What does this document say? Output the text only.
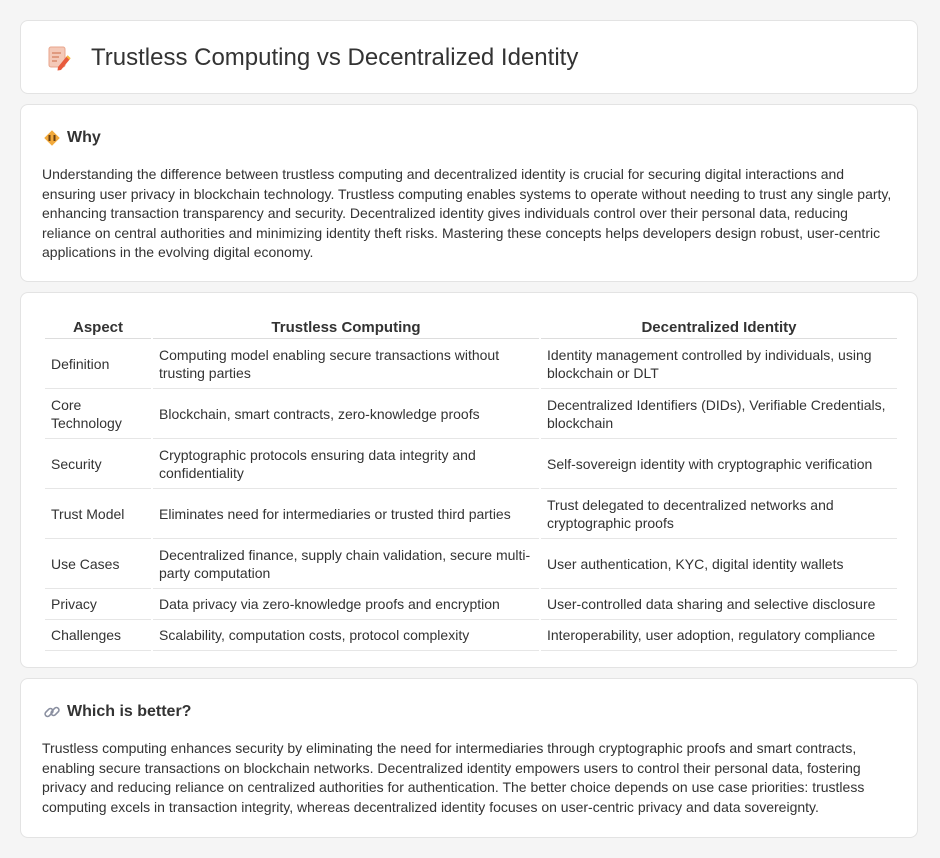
Trustless Computing vs Decentralized Identity
Why

Understanding the difference between trustless computing and decentralized identity is crucial for securing digital interactions and ensuring user privacy in blockchain technology. Trustless computing enables systems to operate without needing to trust any single party, enhancing transaction transparency and security. Decentralized identity gives individuals control over their personal data, reducing reliance on central authorities and minimizing identity theft risks. Mastering these concepts helps developers design robust, user-centric applications in the evolving digital economy.

Aspect	Trustless Computing	Decentralized Identity
Definition	Computing model enabling secure transactions without trusting parties	Identity management controlled by individuals, using blockchain or DLT
Core Technology	Blockchain, smart contracts, zero-knowledge proofs	Decentralized Identifiers (DIDs), Verifiable Credentials, blockchain
Security	Cryptographic protocols ensuring data integrity and confidentiality	Self-sovereign identity with cryptographic verification
Trust Model	Eliminates need for intermediaries or trusted third parties	Trust delegated to decentralized networks and cryptographic proofs
Use Cases	Decentralized finance, supply chain validation, secure multi-party computation	User authentication, KYC, digital identity wallets
Privacy	Data privacy via zero-knowledge proofs and encryption	User-controlled data sharing and selective disclosure
Challenges	Scalability, computation costs, protocol complexity	Interoperability, user adoption, regulatory compliance
Which is better?

Trustless computing enhances security by eliminating the need for intermediaries through cryptographic proofs and smart contracts, enabling secure transactions on blockchain networks. Decentralized identity empowers users to control their personal data, fostering privacy and reducing reliance on centralized authorities for authentication. The better choice depends on use case priorities: trustless computing excels in transaction integrity, whereas decentralized identity focuses on user-centric privacy and data sovereignty.
